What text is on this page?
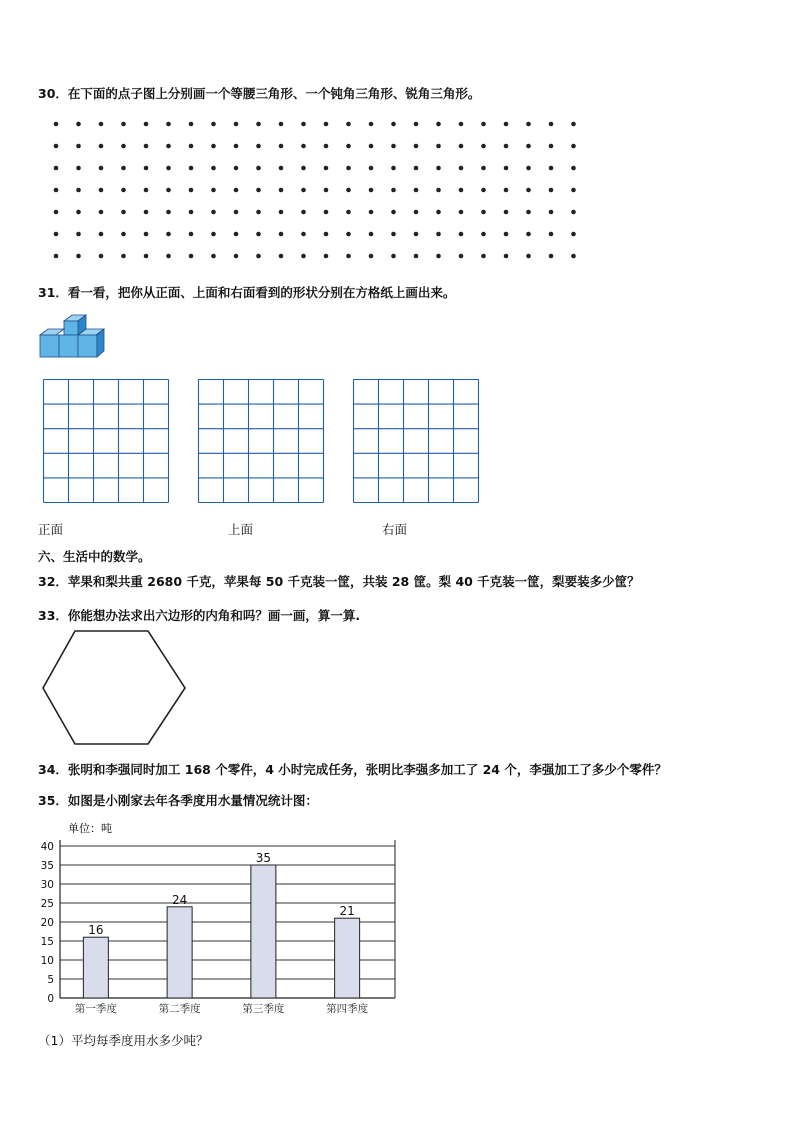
30．在下面的点子图上分别画一个等腰三角形、一个钝角三角形、锐角三角形。
31．看一看，把你从正面、上面和右面看到的形状分别在方格纸上画出来。
正面	上面	右面
六、生活中的数学。
32．苹果和梨共重 2680 千克，苹果每 50 千克装一筐，共装 28 筐。梨 40 千克装一筐，梨要装多少筐？
33．你能想办法求出六边形的内角和吗？画一画，算一算.
34．张明和李强同时加工 168 个零件，4 小时完成任务，张明比李强多加工了 24 个，李强加工了多少个零件？
35．如图是小刚家去年各季度用水量情况统计图：
单位：吨
0
5
10
15
20
25
30
35
40
16
24
35
21
第一季度	第二季度	第三季度	第四季度
（1）平均每季度用水多少吨？
